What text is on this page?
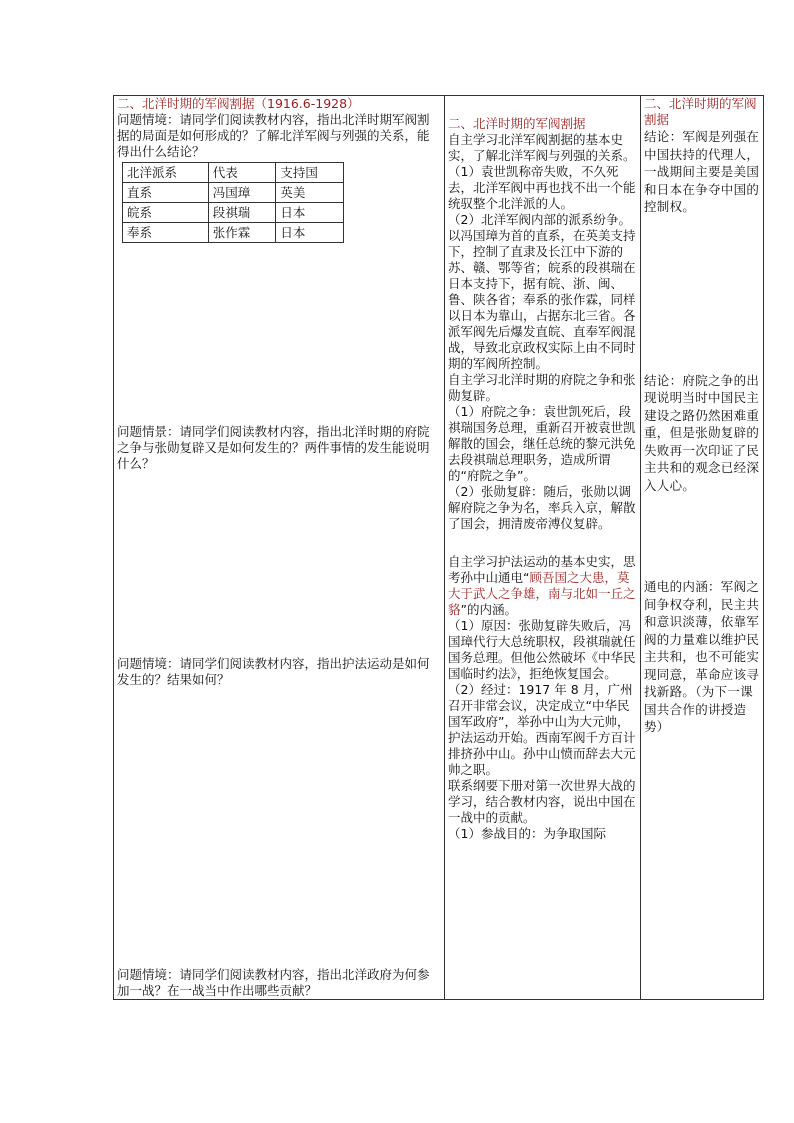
二、北洋时期的军阀割据（1916.6-1928）
问题情境：请同学们阅读教材内容，指出北洋时期军阀割据的局面是如何形成的？了解北洋军阀与列强的关系，能得出什么结论？
北洋派系	代表	支持国
直系	冯国璋	英美
皖系	段祺瑞	日本
奉系	张作霖	日本
问题情景：请同学们阅读教材内容，指出北洋时期的府院之争与张勋复辟又是如何发生的？两件事情的发生能说明什么？
问题情境：请同学们阅读教材内容，指出护法运动是如何发生的？结果如何？
问题情境：请同学们阅读教材内容，指出北洋政府为何参加一战？在一战当中作出哪些贡献？

二、北洋时期的军阀割据
自主学习北洋军阀割据的基本史实，了解北洋军阀与列强的关系。
（1）袁世凯称帝失败，不久死去，北洋军阀中再也找不出一个能统驭整个北洋派的人。
（2）北洋军阀内部的派系纷争。以冯国璋为首的直系，在英美支持下，控制了直隶及长江中下游的苏、赣、鄂等省；皖系的段祺瑞在日本支持下，据有皖、浙、闽、鲁、陕各省；奉系的张作霖，同样以日本为靠山，占据东北三省。各派军阀先后爆发直皖、直奉军阀混战，导致北京政权实际上由不同时期的军阀所控制。
自主学习北洋时期的府院之争和张勋复辟。
（1）府院之争：袁世凯死后，段祺瑞国务总理，重新召开被袁世凯解散的国会，继任总统的黎元洪免去段祺瑞总理职务，造成所谓的“府院之争”。
（2）张勋复辟：随后，张勋以调解府院之争为名，率兵入京，解散了国会，拥清废帝溥仪复辟。
自主学习护法运动的基本史实，思考孙中山通电“顾吾国之大患，莫大于武人之争雄，南与北如一丘之貉”的内涵。
（1）原因：张勋复辟失败后，冯国璋代行大总统职权，段祺瑞就任国务总理。但他公然破坏《中华民国临时约法》，拒绝恢复国会。
（2）经过：1917 年 8 月，广州召开非常会议，决定成立“中华民国军政府”，举孙中山为大元帅，护法运动开始。西南军阀千方百计排挤孙中山。孙中山愤而辞去大元帅之职。
联系纲要下册对第一次世界大战的学习，结合教材内容，说出中国在一战中的贡献。
（1）参战目的：为争取国际

二、北洋时期的军阀割据
结论：军阀是列强在中国扶持的代理人，一战期间主要是美国和日本在争夺中国的控制权。
结论：府院之争的出现说明当时中国民主建设之路仍然困难重重，但是张勋复辟的失败再一次印证了民主共和的观念已经深入人心。
通电的内涵：军阀之间争权夺利，民主共和意识淡薄，依靠军阀的力量难以维护民主共和，也不可能实现同意，革命应该寻找新路。（为下一课国共合作的讲授造势）
